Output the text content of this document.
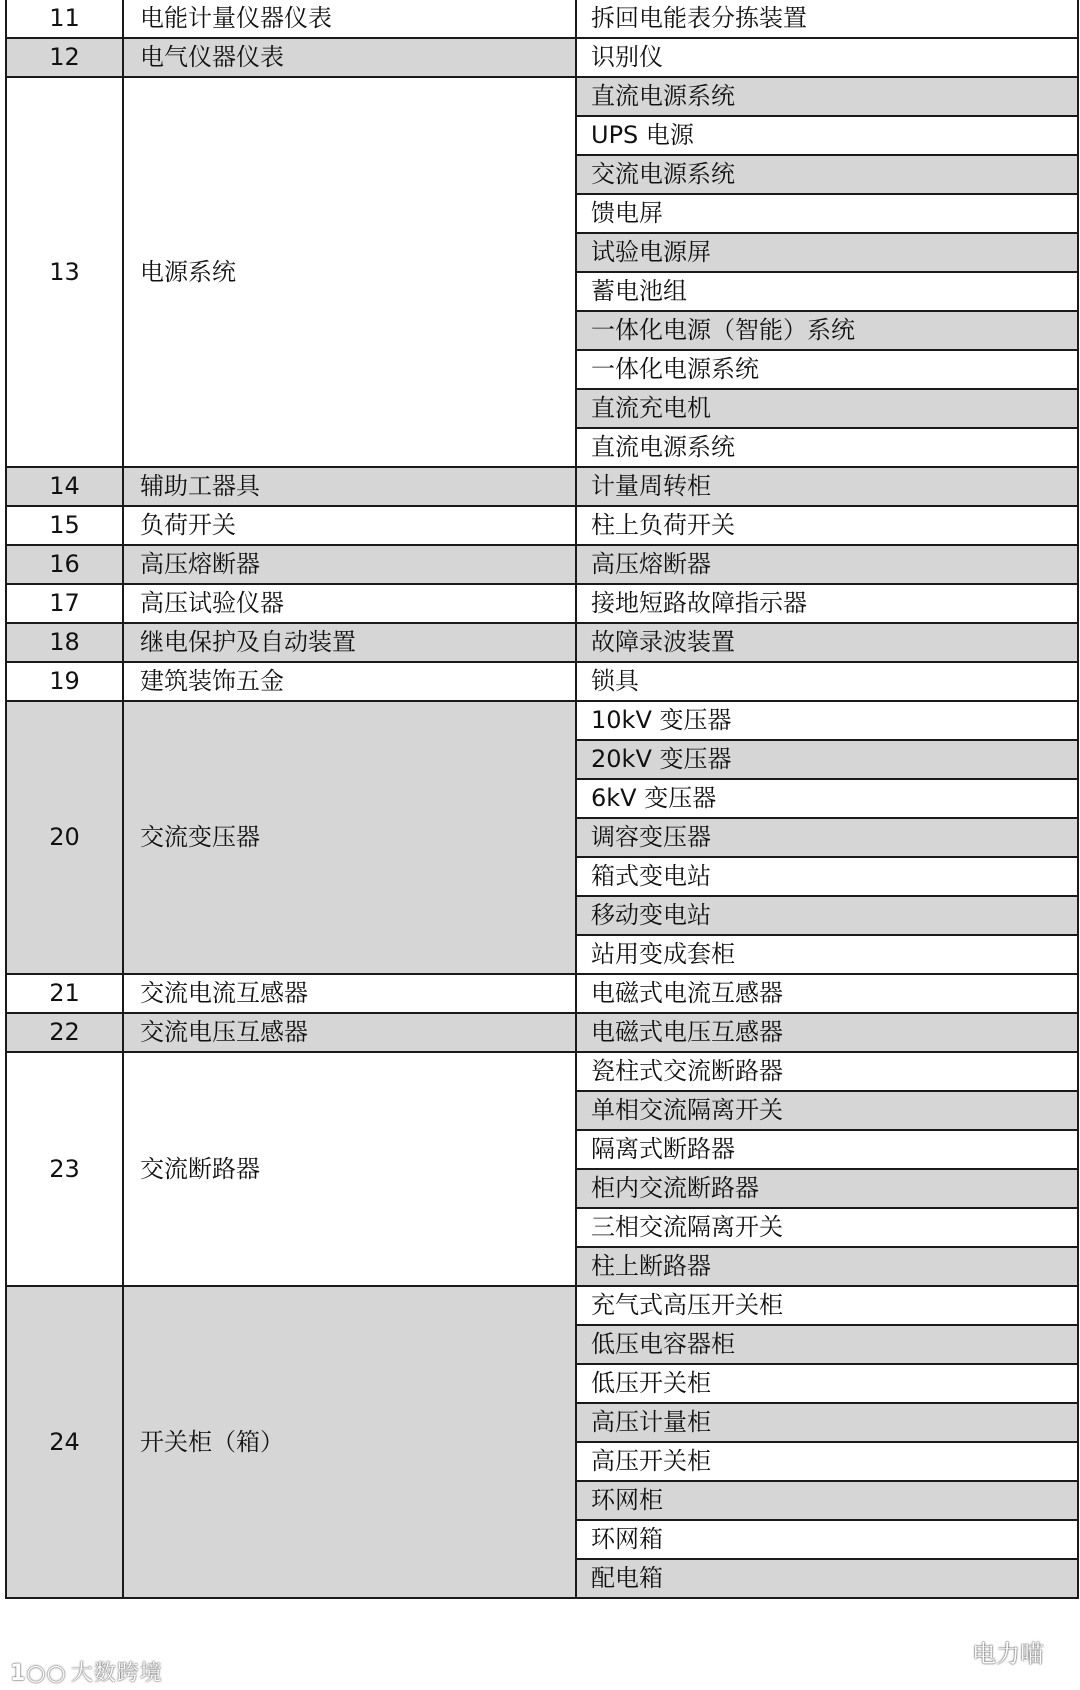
11	电能计量仪器仪表	拆回电能表分拣装置
12	电气仪器仪表	识别仪
13	电源系统	直流电源系统
		UPS 电源
		交流电源系统
		馈电屏
		试验电源屏
		蓄电池组
		一体化电源（智能）系统
		一体化电源系统
		直流充电机
		直流电源系统
14	辅助工器具	计量周转柜
15	负荷开关	柱上负荷开关
16	高压熔断器	高压熔断器
17	高压试验仪器	接地短路故障指示器
18	继电保护及自动装置	故障录波装置
19	建筑装饰五金	锁具
20	交流变压器	10kV 变压器
		20kV 变压器
		6kV 变压器
		调容变压器
		箱式变电站
		移动变电站
		站用变成套柜
21	交流电流互感器	电磁式电流互感器
22	交流电压互感器	电磁式电压互感器
23	交流断路器	瓷柱式交流断路器
		单相交流隔离开关
		隔离式断路器
		柜内交流断路器
		三相交流隔离开关
		柱上断路器
24	开关柜（箱）	充气式高压开关柜
		低压电容器柜
		低压开关柜
		高压计量柜
		高压开关柜
		环网柜
		环网箱
		配电箱
1○○ 大数跨境
电力喵
